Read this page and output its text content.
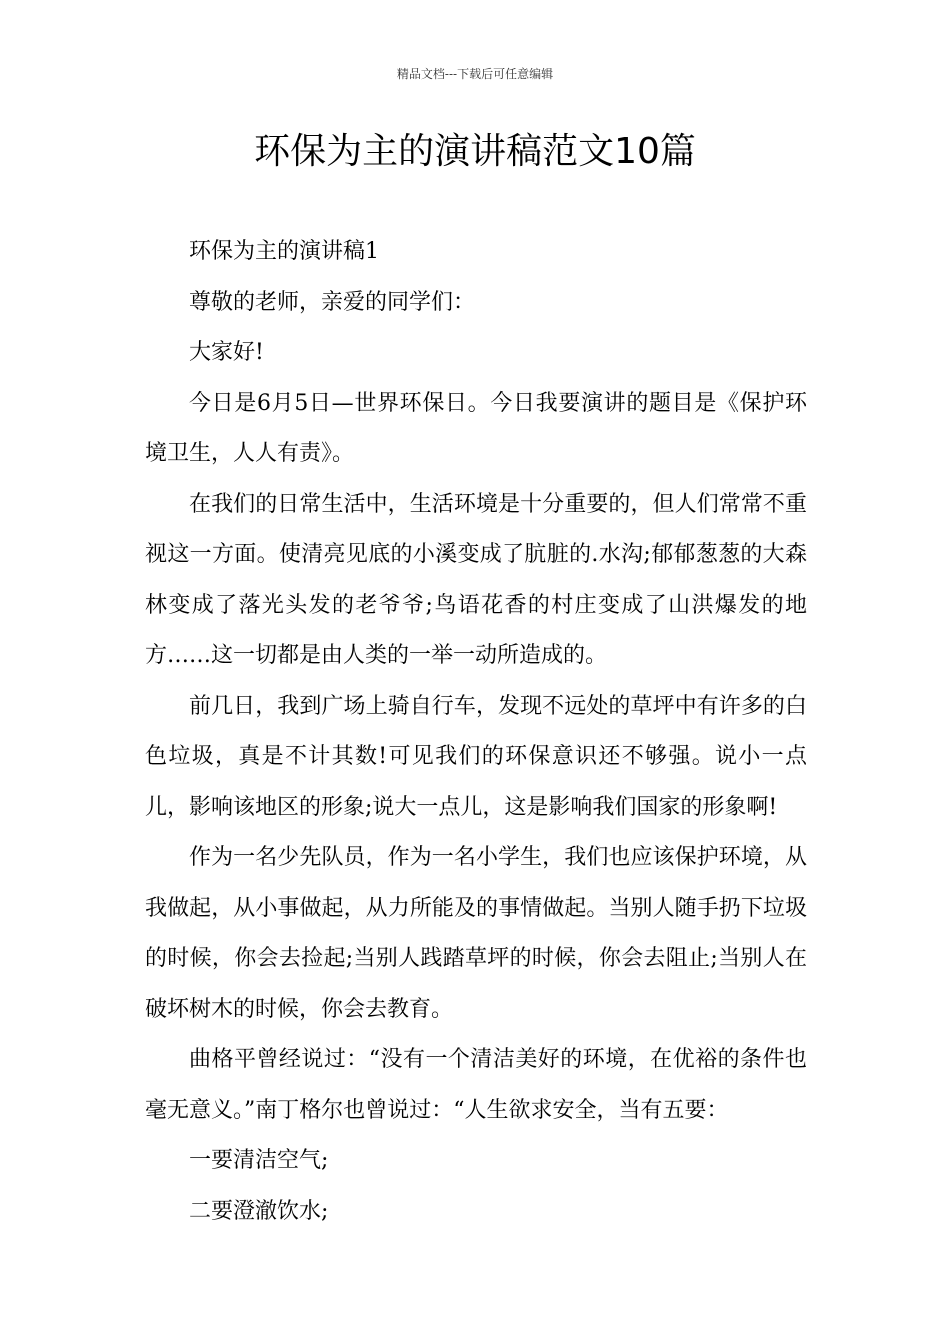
精品文档---下载后可任意编辑
环保为主的演讲稿范文10篇

环保为主的演讲稿1

尊敬的老师，亲爱的同学们：

大家好!

今日是6月5日—世界环保日。今日我要演讲的题目是《保护环境卫生，人人有责》。

在我们的日常生活中，生活环境是十分重要的，但人们常常不重视这一方面。使清亮见底的小溪变成了肮脏的.水沟;郁郁葱葱的大森林变成了落光头发的老爷爷;鸟语花香的村庄变成了山洪爆发的地方……这一切都是由人类的一举一动所造成的。

前几日，我到广场上骑自行车，发现不远处的草坪中有许多的白色垃圾，真是不计其数!可见我们的环保意识还不够强。说小一点儿，影响该地区的形象;说大一点儿，这是影响我们国家的形象啊!

作为一名少先队员，作为一名小学生，我们也应该保护环境，从我做起，从小事做起，从力所能及的事情做起。当别人随手扔下垃圾的时候，你会去捡起;当别人践踏草坪的时候，你会去阻止;当别人在破坏树木的时候，你会去教育。

曲格平曾经说过：“没有一个清洁美好的环境，在优裕的条件也毫无意义。”南丁格尔也曾说过：“人生欲求安全，当有五要：

一要清洁空气;

二要澄澈饮水;
